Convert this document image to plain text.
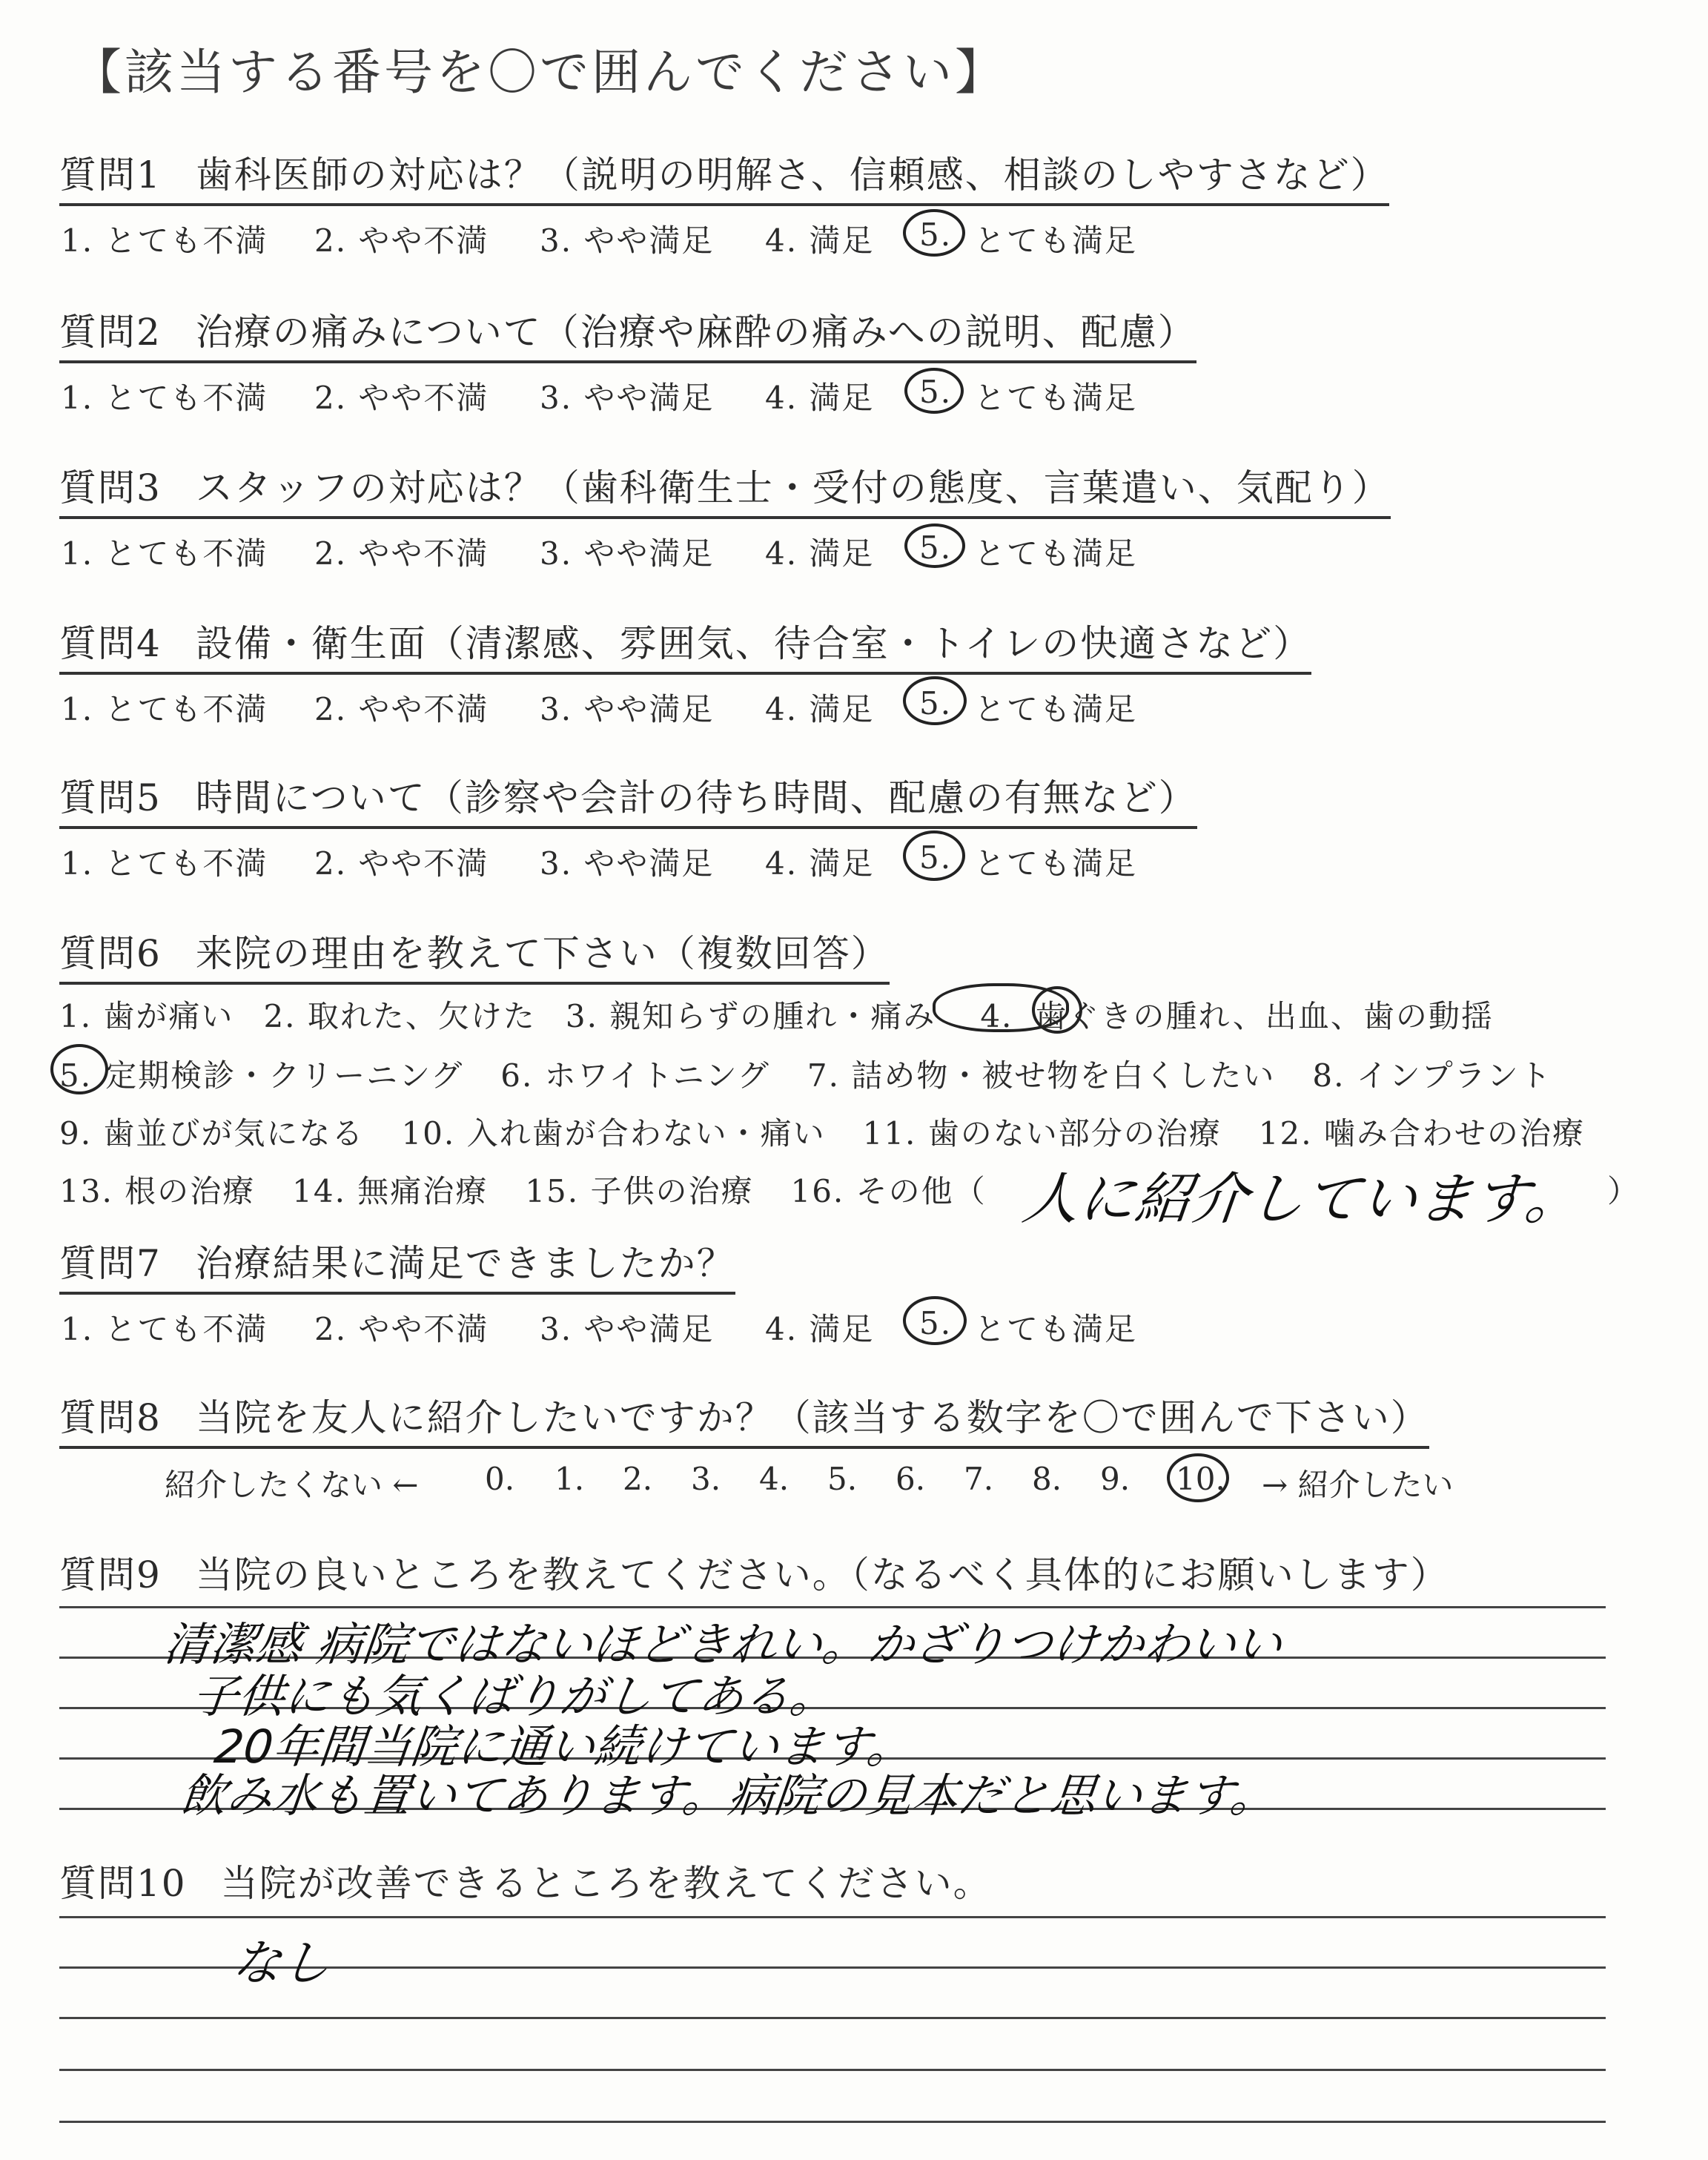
【該当する番号を〇で囲んでください】
質問1 歯科医師の対応は？（説明の明解さ、信頼感、相談のしやすさなど）
1. とても不満 2. やや不満 3. やや満足 4. 満足 5. とても満足
質問2 治療の痛みについて（治療や麻酔の痛みへの説明、配慮）
1. とても不満 2. やや不満 3. やや満足 4. 満足 5. とても満足
質問3 スタッフの対応は？（歯科衛生士・受付の態度、言葉遣い、気配り）
1. とても不満 2. やや不満 3. やや満足 4. 満足 5. とても満足
質問4 設備・衛生面（清潔感、雰囲気、待合室・トイレの快適さなど）
1. とても不満 2. やや不満 3. やや満足 4. 満足 5. とても満足
質問5 時間について（診察や会計の待ち時間、配慮の有無など）
1. とても不満 2. やや不満 3. やや満足 4. 満足 5. とても満足
質問6 来院の理由を教えて下さい（複数回答）
1. 歯が痛い 2. 取れた、欠けた 3. 親知らずの腫れ・痛み 4. 歯ぐきの腫れ、出血、歯の動揺
5. 定期検診・クリーニング 6. ホワイトニング 7. 詰め物・被せ物を白くしたい 8. インプラント
9. 歯並びが気になる 10. 入れ歯が合わない・痛い 11. 歯のない部分の治療 12. 噛み合わせの治療
13. 根の治療 14. 無痛治療 15. 子供の治療 16. その他（	）
人に紹介しています。
質問7 治療結果に満足できましたか？
1. とても不満 2. やや不満 3. やや満足 4. 満足 5. とても満足
質問8 当院を友人に紹介したいですか？（該当する数字を〇で囲んで下さい）
紹介したくない ← 0. 1. 2. 3. 4. 5. 6. 7. 8. 9. 10. → 紹介したい
質問9 当院の良いところを教えてください。（なるべく具体的にお願いします）
清潔感 病院ではないほどきれい。かざりつけかわいい
子供にも気くばりがしてある。
20年間当院に通い続けています。
飲み水も置いてあります。病院の見本だと思います。
質問10 当院が改善できるところを教えてください。
なし
